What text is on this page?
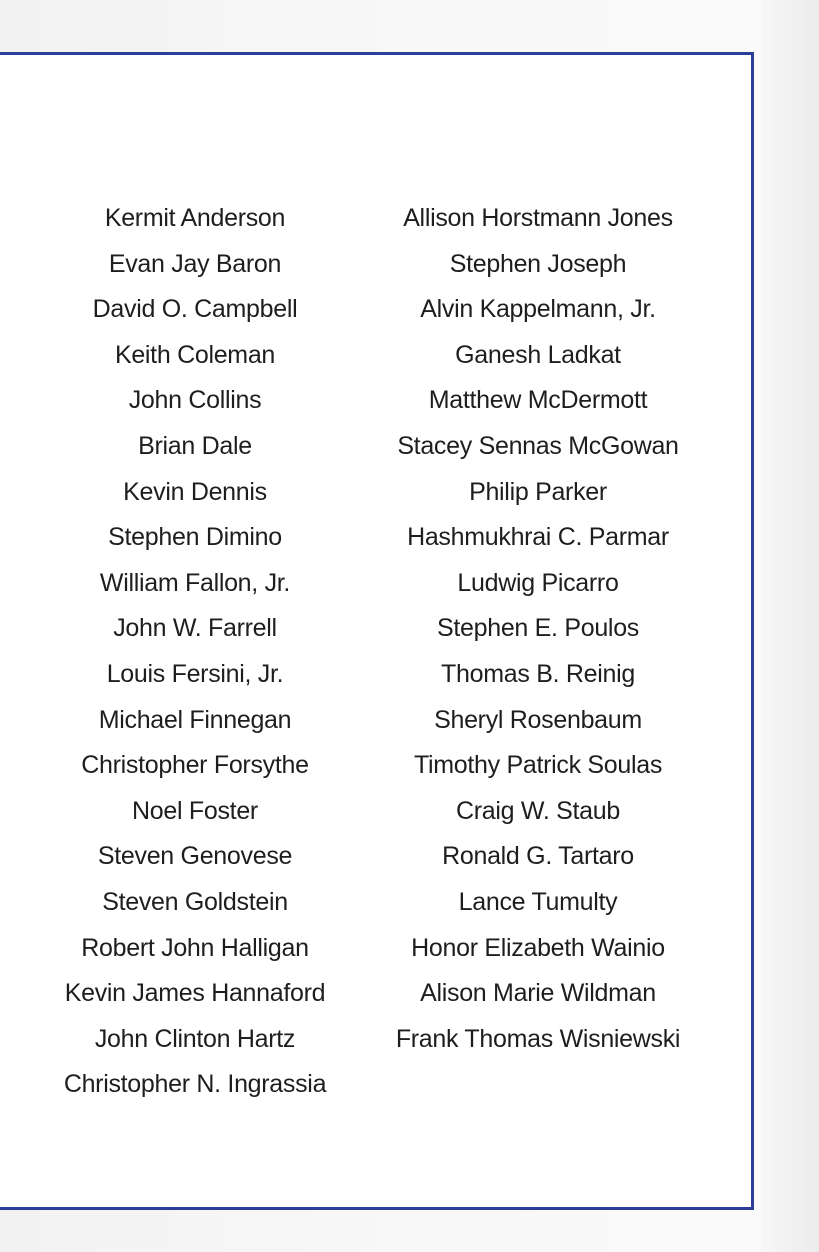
Kermit Anderson
Evan Jay Baron
David O. Campbell
Keith Coleman
John Collins
Brian Dale
Kevin Dennis
Stephen Dimino
William Fallon, Jr.
John W. Farrell
Louis Fersini, Jr.
Michael Finnegan
Christopher Forsythe
Noel Foster
Steven Genovese
Steven Goldstein
Robert John Halligan
Kevin James Hannaford
John Clinton Hartz
Christopher N. Ingrassia
Allison Horstmann Jones
Stephen Joseph
Alvin Kappelmann, Jr.
Ganesh Ladkat
Matthew McDermott
Stacey Sennas McGowan
Philip Parker
Hashmukhrai C. Parmar
Ludwig Picarro
Stephen E. Poulos
Thomas B. Reinig
Sheryl Rosenbaum
Timothy Patrick Soulas
Craig W. Staub
Ronald G. Tartaro
Lance Tumulty
Honor Elizabeth Wainio
Alison Marie Wildman
Frank Thomas Wisniewski
